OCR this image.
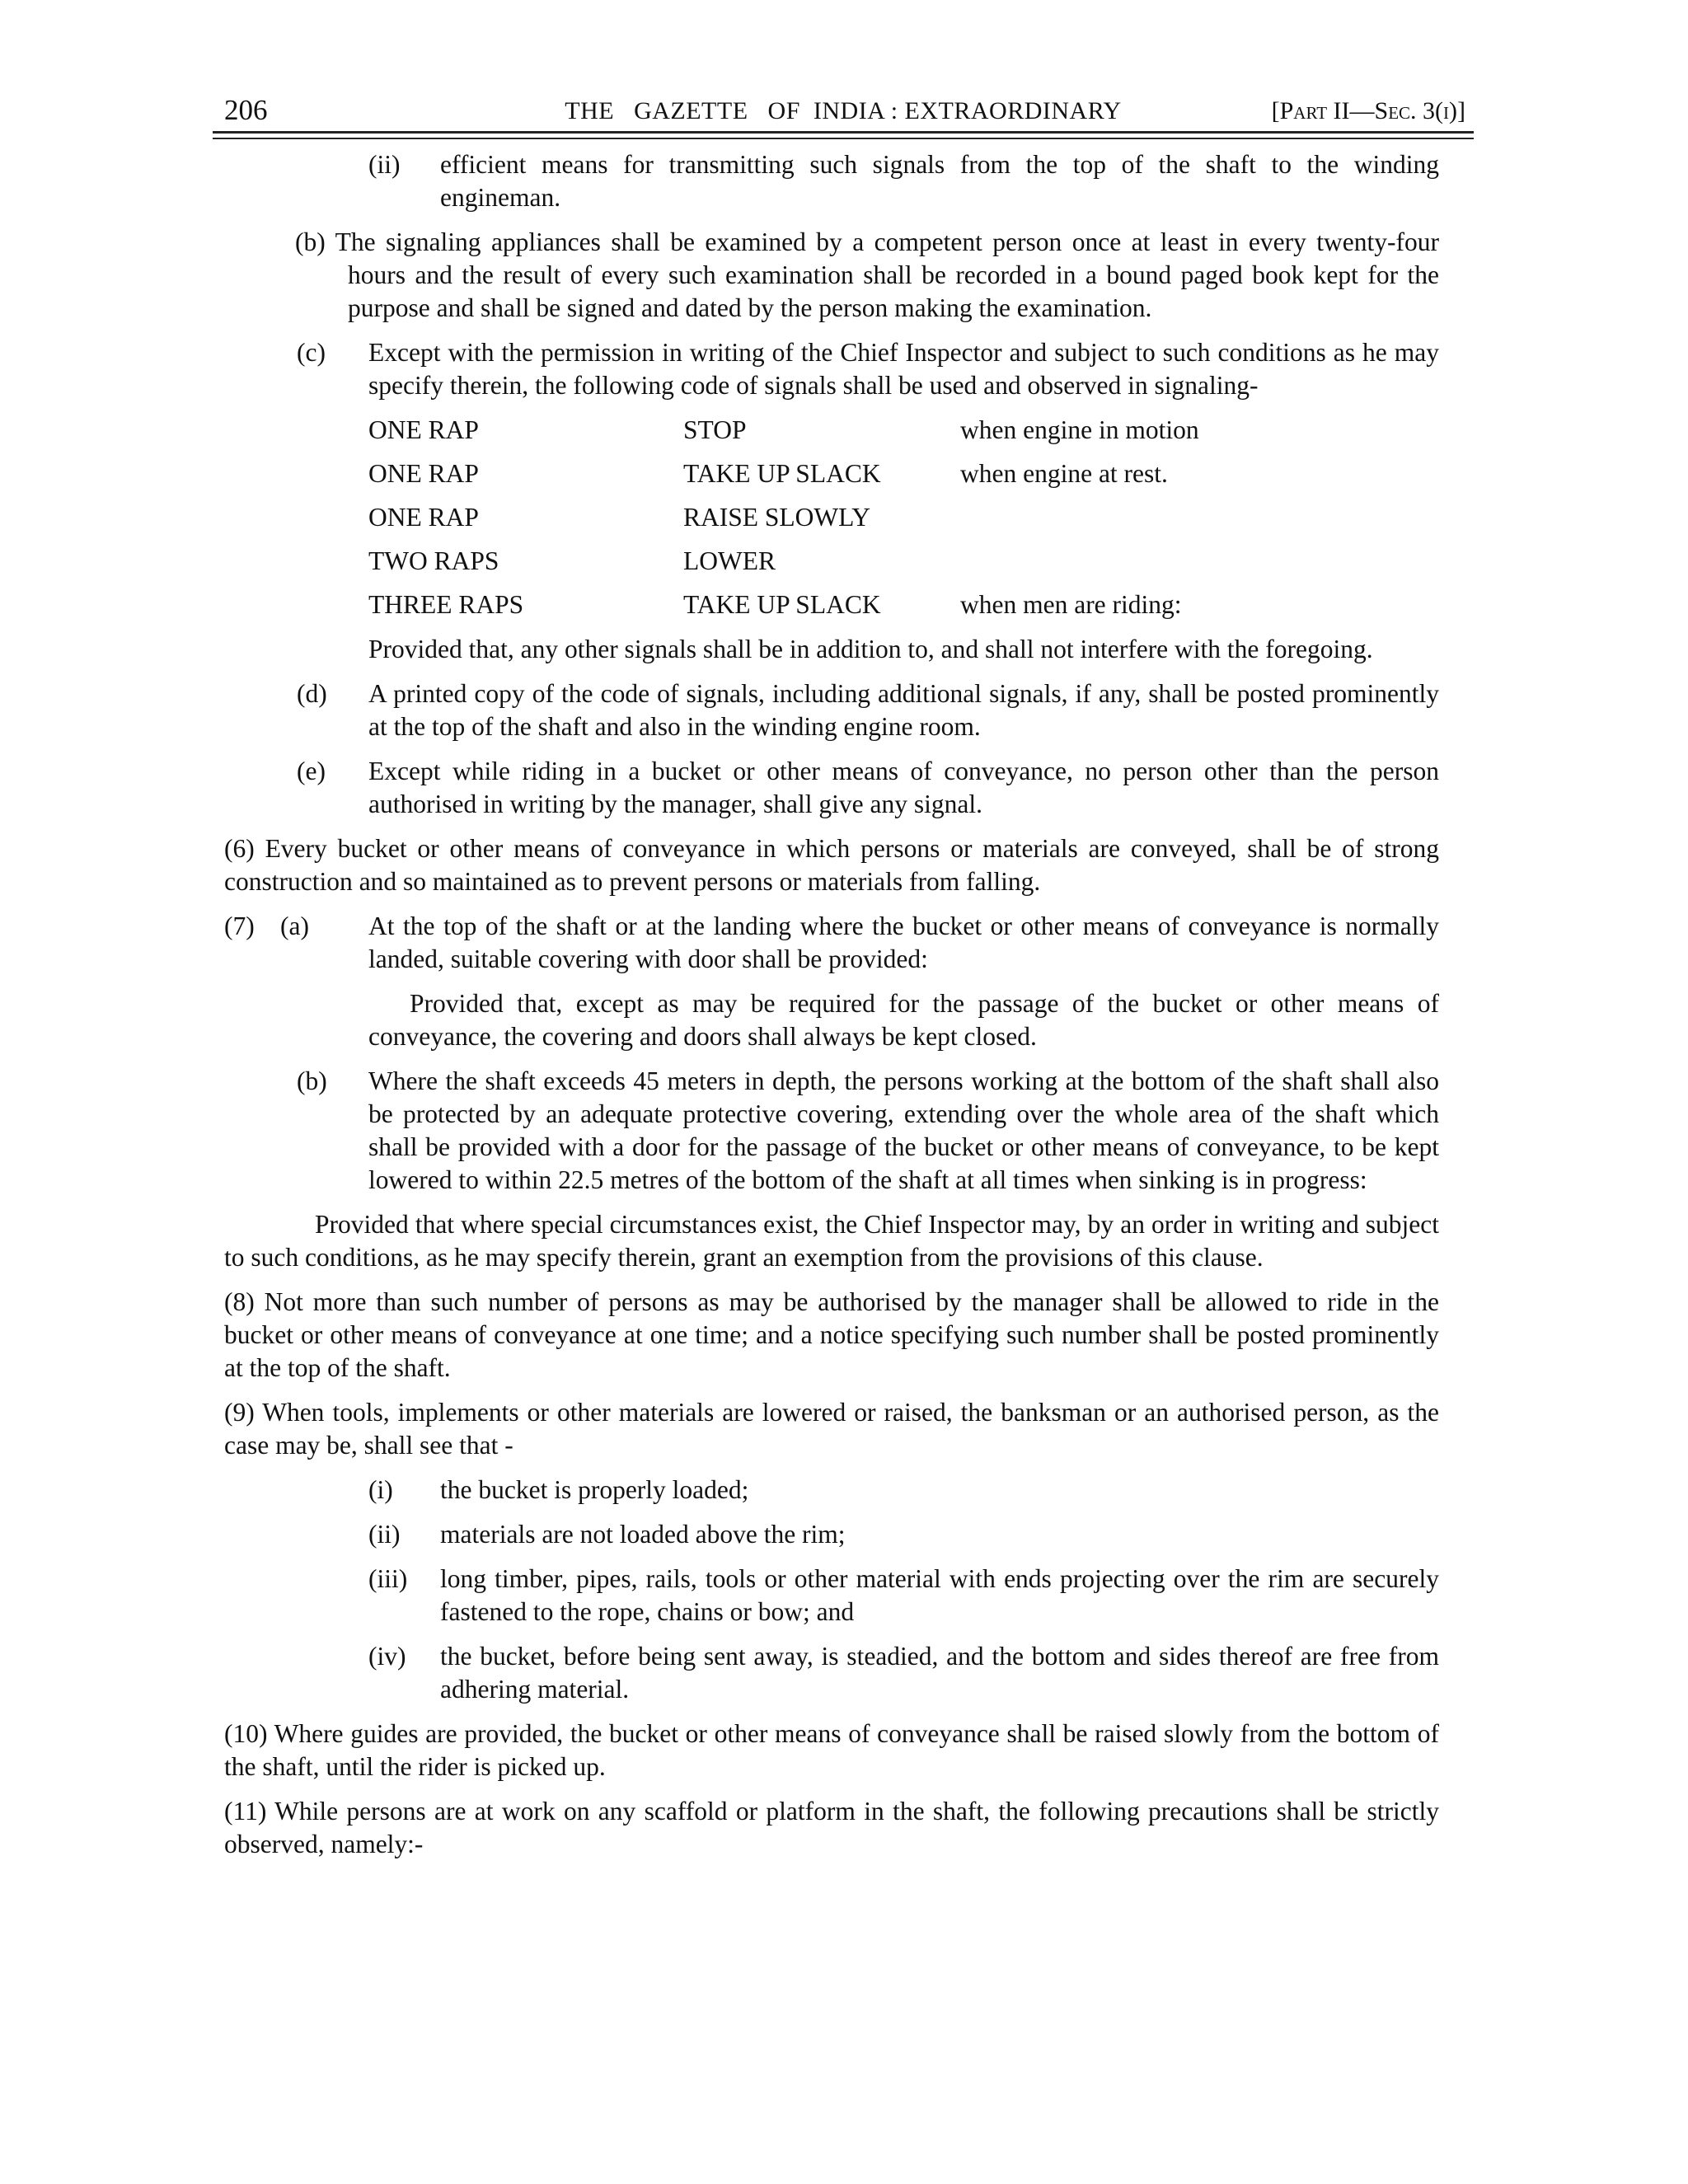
206	THE   GAZETTE   OF  INDIA : EXTRAORDINARY	[Part II—Sec. 3(i)]
(ii) efficient means for transmitting such signals from the top of the shaft to the winding engineman.
(b) The signaling appliances shall be examined by a competent person once at least in every twenty-four hours and the result of every such examination shall be recorded in a bound paged book kept for the purpose and shall be signed and dated by the person making the examination.
(c) Except with the permission in writing of the Chief Inspector and subject to such conditions as he may specify therein, the following code of signals shall be used and observed in signaling-
ONE RAP	STOP	when engine in motion
ONE RAP	TAKE UP SLACK	when engine at rest.
ONE RAP	RAISE SLOWLY
TWO RAPS	LOWER
THREE RAPS	TAKE UP SLACK	when men are riding:
Provided that, any other signals shall be in addition to, and shall not interfere with the foregoing.
(d) A printed copy of the code of signals, including additional signals, if any, shall be posted prominently at the top of the shaft and also in the winding engine room.
(e) Except while riding in a bucket or other means of conveyance, no person other than the person authorised in writing by the manager, shall give any signal.
(6) Every bucket or other means of conveyance in which persons or materials are conveyed, shall be of strong construction and so maintained as to prevent persons or materials from falling.
(7) (a) At the top of the shaft or at the landing where the bucket or other means of conveyance is normally landed, suitable covering with door shall be provided:
Provided that, except as may be required for the passage of the bucket or other means of conveyance, the covering and doors shall always be kept closed.
(b) Where the shaft exceeds 45 meters in depth, the persons working at the bottom of the shaft shall also be protected by an adequate protective covering, extending over the whole area of the shaft which shall be provided with a door for the passage of the bucket or other means of conveyance, to be kept lowered to within 22.5 metres of the bottom of the shaft at all times when sinking is in progress:
Provided that where special circumstances exist, the Chief Inspector may, by an order in writing and subject to such conditions, as he may specify therein, grant an exemption from the provisions of this clause.
(8) Not more than such number of persons as may be authorised by the manager shall be allowed to ride in the bucket or other means of conveyance at one time; and a notice specifying such number shall be posted prominently at the top of the shaft.
(9) When tools, implements or other materials are lowered or raised, the banksman or an authorised person, as the case may be, shall see that -
(i) the bucket is properly loaded;
(ii) materials are not loaded above the rim;
(iii) long timber, pipes, rails, tools or other material with ends projecting over the rim are securely fastened to the rope, chains or bow; and
(iv) the bucket, before being sent away, is steadied, and the bottom and sides thereof are free from adhering material.
(10) Where guides are provided, the bucket or other means of conveyance shall be raised slowly from the bottom of the shaft, until the rider is picked up.
(11) While persons are at work on any scaffold or platform in the shaft, the following precautions shall be strictly observed, namely:-
